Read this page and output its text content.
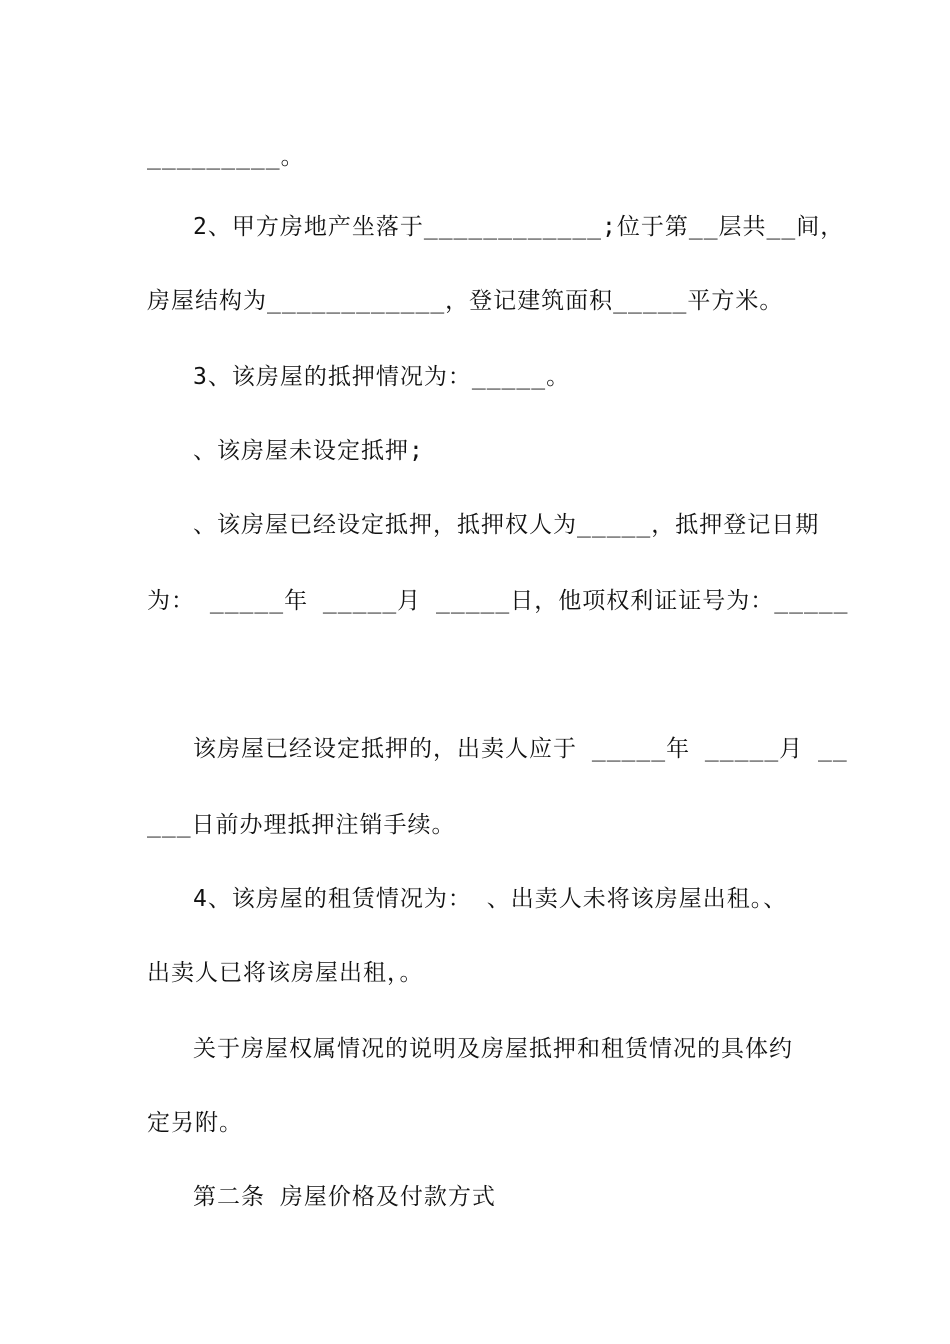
_________。
2、甲方房地产坐落于____________;位于第__层共__间，
房屋结构为____________，登记建筑面积_____平方米。
3、该房屋的抵押情况为：_____。
、该房屋未设定抵押;
、该房屋已经设定抵押，抵押权人为_____，抵押登记日期
为： _____年 _____月 _____日，他项权利证证号为：_____
该房屋已经设定抵押的，出卖人应于 _____年 _____月 __
___日前办理抵押注销手续。
4、该房屋的租赁情况为： 、出卖人未将该房屋出租。、
出卖人已将该房屋出租，。
关于房屋权属情况的说明及房屋抵押和租赁情况的具体约
定另附。
第二条 房屋价格及付款方式
